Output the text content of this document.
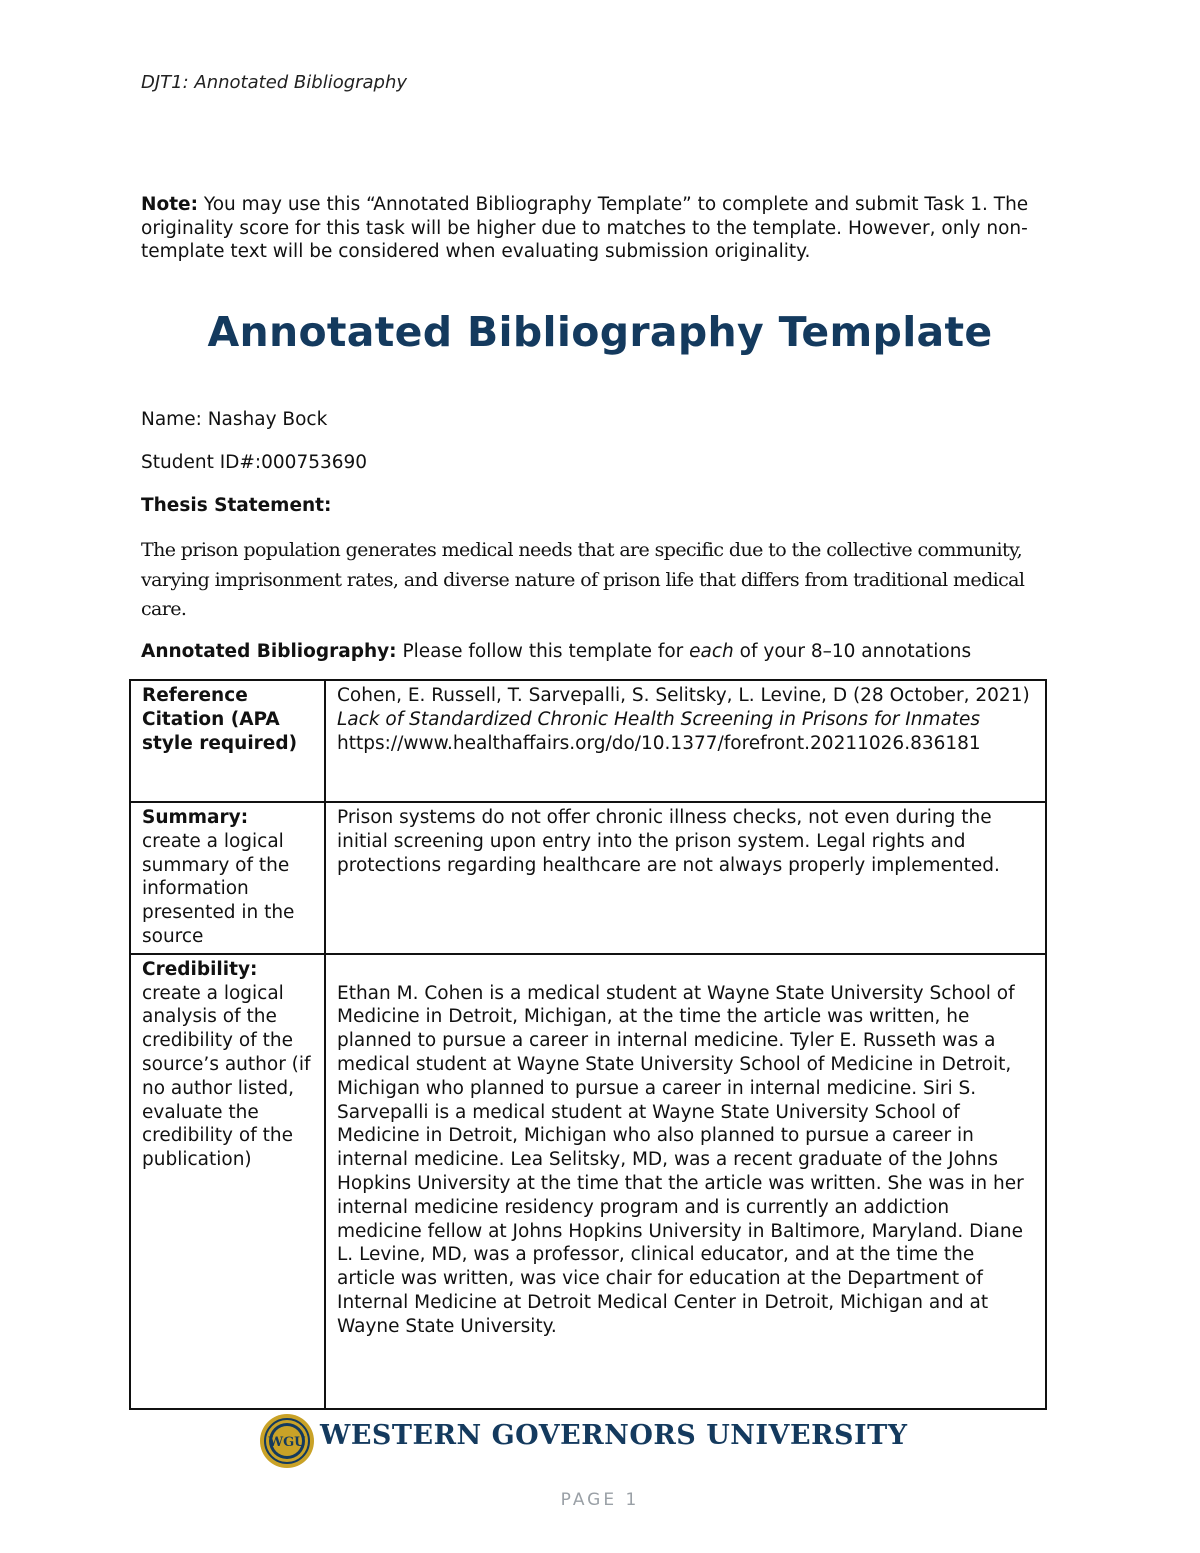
DJT1: Annotated Bibliography
Note: You may use this “Annotated Bibliography Template” to complete and submit Task 1. The originality score for this task will be higher due to matches to the template. However, only non-template text will be considered when evaluating submission originality.
Annotated Bibliography Template
Name: Nashay Bock
Student ID#:000753690
Thesis Statement:
The prison population generates medical needs that are specific due to the collective community, varying imprisonment rates, and diverse nature of prison life that differs from traditional medical care.
Annotated Bibliography: Please follow this template for each of your 8–10 annotations
Reference Citation (APA style required)	Cohen, E. Russell, T. Sarvepalli, S. Selitsky, L. Levine, D (28 October, 2021)
Lack of Standardized Chronic Health Screening in Prisons for Inmates
https://www.healthaffairs.org/do/10.1377/forefront.20211026.836181

Summary:
create a logical summary of the information presented in the source	Prison systems do not offer chronic illness checks, not even during the initial screening upon entry into the prison system. Legal rights and protections regarding healthcare are not always properly implemented.

Credibility:
create a logical analysis of the credibility of the source’s author (if no author listed, evaluate the credibility of the publication)	Ethan M. Cohen is a medical student at Wayne State University School of Medicine in Detroit, Michigan, at the time the article was written, he planned to pursue a career in internal medicine. Tyler E. Russeth was a medical student at Wayne State University School of Medicine in Detroit, Michigan who planned to pursue a career in internal medicine. Siri S. Sarvepalli is a medical student at Wayne State University School of Medicine in Detroit, Michigan who also planned to pursue a career in internal medicine. Lea Selitsky, MD, was a recent graduate of the Johns Hopkins University at the time that the article was written. She was in her internal medicine residency program and is currently an addiction medicine fellow at Johns Hopkins University in Baltimore, Maryland. Diane L. Levine, MD, was a professor, clinical educator, and at the time the article was written, was vice chair for education at the Department of Internal Medicine at Detroit Medical Center in Detroit, Michigan and at Wayne State University.
WGU WESTERN GOVERNORS UNIVERSITY
PAGE 1
